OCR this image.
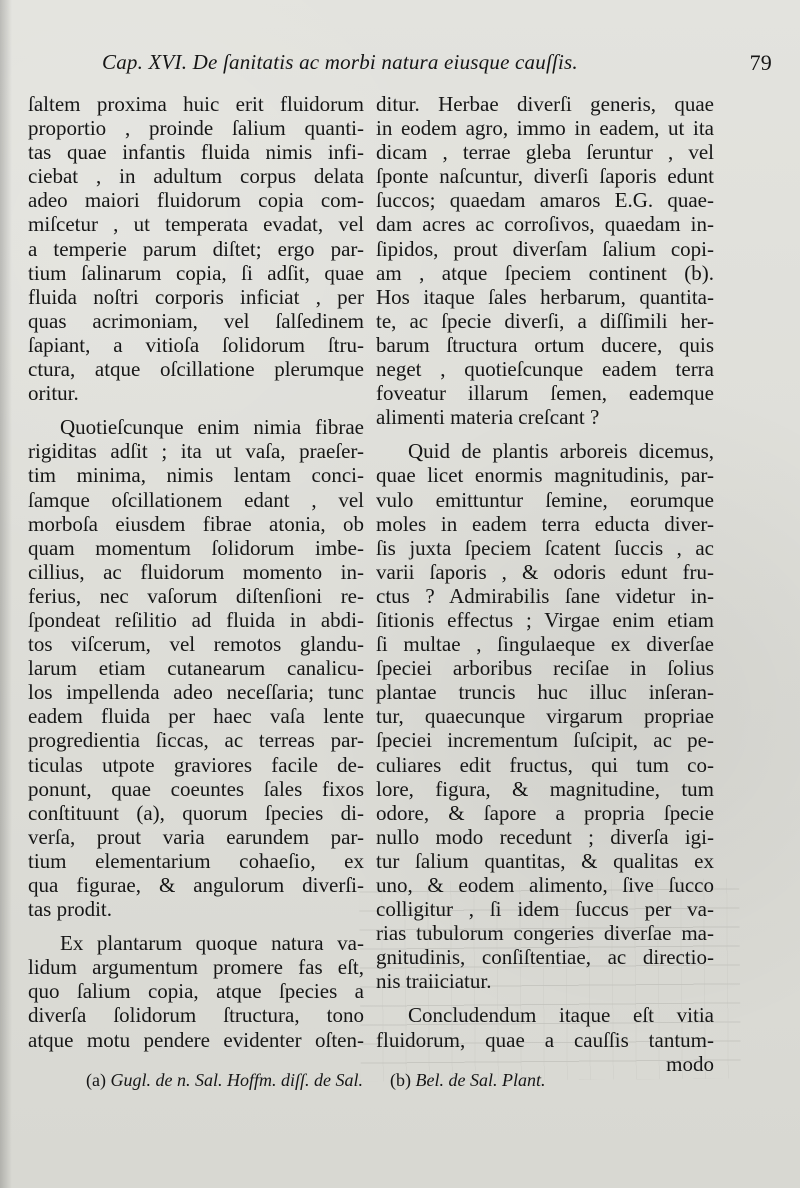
Cap. XVI. De ſanitatis ac morbi natura eiusque cauſſis.	79
ſaltem proxima huic erit fluidorum
proportio , proinde ſalium quanti-
tas quae infantis fluida nimis infi-
ciebat , in adultum corpus delata
adeo maiori fluidorum copia com-
miſcetur , ut temperata evadat, vel
a temperie parum diſtet; ergo par-
tium ſalinarum copia, ſi adſit, quae
fluida noſtri corporis inficiat , per
quas acrimoniam, vel ſalſedinem
ſapiant, a vitioſa ſolidorum ſtru-
ctura, atque oſcillatione plerumque
oritur.
Quotieſcunque enim nimia fibrae
rigiditas adſit ; ita ut vaſa, praeſer-
tim minima, nimis lentam conci-
ſamque oſcillationem edant , vel
morboſa eiusdem fibrae atonia, ob
quam momentum ſolidorum imbe-
cillius, ac fluidorum momento in-
ferius, nec vaſorum diſtenſioni re-
ſpondeat reſilitio ad fluida in abdi-
tos viſcerum, vel remotos glandu-
larum etiam cutanearum canalicu-
los impellenda adeo neceſſaria; tunc
eadem fluida per haec vaſa lente
progredientia ſiccas, ac terreas par-
ticulas utpote graviores facile de-
ponunt, quae coeuntes ſales fixos
conſtituunt (a), quorum ſpecies di-
verſa, prout varia earundem par-
tium elementarium cohaeſio, ex
qua figurae, & angulorum diverſi-
tas prodit.
Ex plantarum quoque natura va-
lidum argumentum promere fas eſt,
quo ſalium copia, atque ſpecies a
diverſa ſolidorum ſtructura, tono
atque motu pendere evidenter oſten-
ditur. Herbae diverſi generis, quae
in eodem agro, immo in eadem, ut ita
dicam , terrae gleba ſeruntur , vel
ſponte naſcuntur, diverſi ſaporis edunt
ſuccos; quaedam amaros E.G. quae-
dam acres ac corroſivos, quaedam in-
ſipidos, prout diverſam ſalium copi-
am , atque ſpeciem continent (b).
Hos itaque ſales herbarum, quantita-
te, ac ſpecie diverſi, a diſſimili her-
barum ſtructura ortum ducere, quis
neget , quotieſcunque eadem terra
foveatur illarum ſemen, eademque
alimenti materia creſcant ?
Quid de plantis arboreis dicemus,
quae licet enormis magnitudinis, par-
vulo emittuntur ſemine, eorumque
moles in eadem terra educta diver-
ſis juxta ſpeciem ſcatent ſuccis , ac
varii ſaporis , & odoris edunt fru-
ctus ? Admirabilis ſane videtur in-
ſitionis effectus ; Virgae enim etiam
ſi multae , ſingulaeque ex diverſae
ſpeciei arboribus reciſae in ſolius
plantae truncis huc illuc inſeran-
tur, quaecunque virgarum propriae
ſpeciei incrementum ſuſcipit, ac pe-
culiares edit fructus, qui tum co-
lore, figura, & magnitudine, tum
odore, & ſapore a propria ſpecie
nullo modo recedunt ; diverſa igi-
tur ſalium quantitas, & qualitas ex
uno, & eodem alimento, ſive ſucco
colligitur , ſi idem ſuccus per va-
rias tubulorum congeries diverſae ma-
gnitudinis, conſiſtentiae, ac directio-
nis traiiciatur.
Concludendum itaque eſt vitia
fluidorum, quae a cauſſis tantum-
modo
(a) Gugl. de n. Sal. Hoffm. diſſ. de Sal. (b) Bel. de Sal. Plant.
